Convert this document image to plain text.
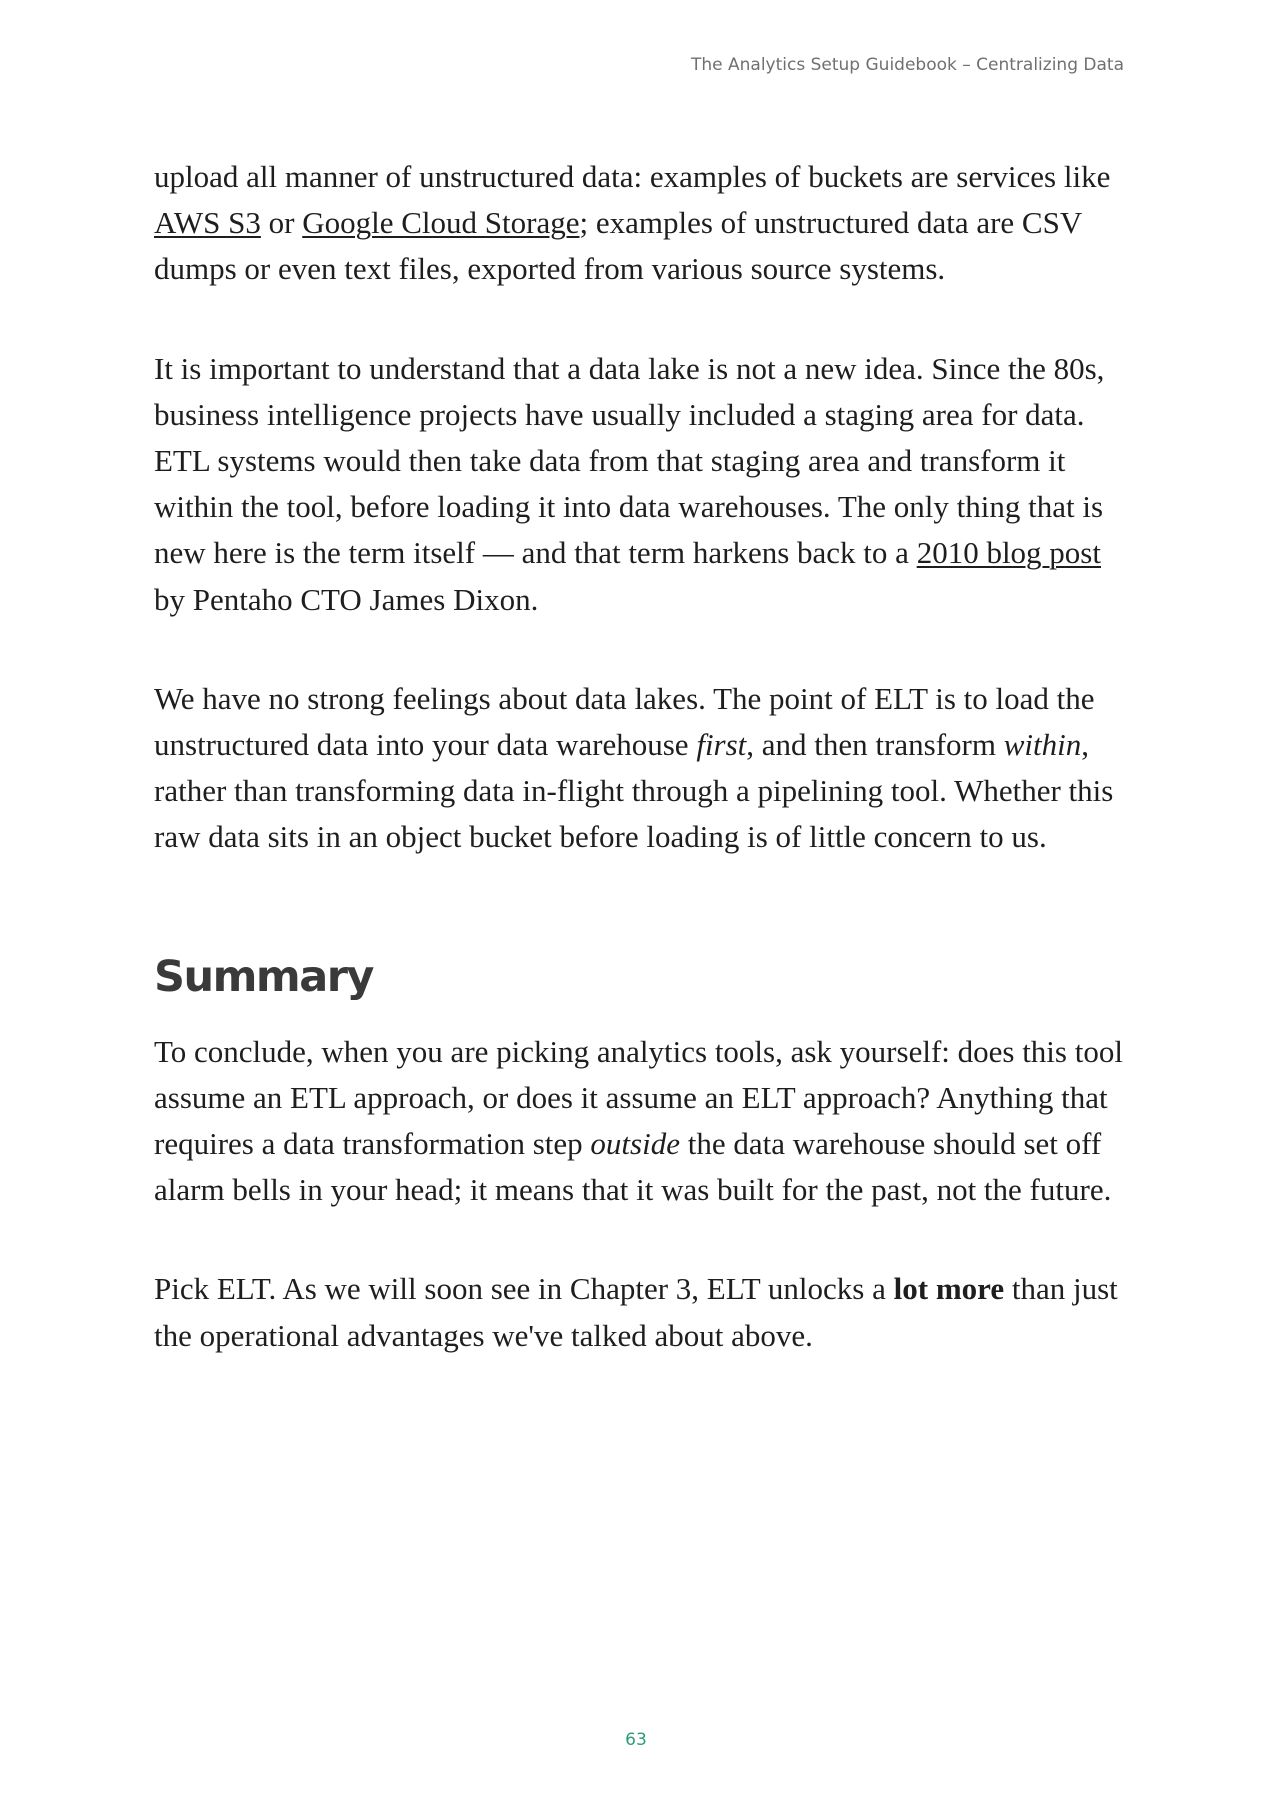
The Analytics Setup Guidebook – Centralizing Data

upload all manner of unstructured data: examples of buckets are services like AWS S3 or Google Cloud Storage; examples of unstructured data are CSV dumps or even text files, exported from various source systems.

It is important to understand that a data lake is not a new idea. Since the 80s, business intelligence projects have usually included a staging area for data. ETL systems would then take data from that staging area and transform it within the tool, before loading it into data warehouses. The only thing that is new here is the term itself — and that term harkens back to a 2010 blog post by Pentaho CTO James Dixon.

We have no strong feelings about data lakes. The point of ELT is to load the unstructured data into your data warehouse first, and then transform within, rather than transforming data in-flight through a pipelining tool. Whether this raw data sits in an object bucket before loading is of little concern to us.

Summary

To conclude, when you are picking analytics tools, ask yourself: does this tool assume an ETL approach, or does it assume an ELT approach? Anything that requires a data transformation step outside the data warehouse should set off alarm bells in your head; it means that it was built for the past, not the future.

Pick ELT. As we will soon see in Chapter 3, ELT unlocks a lot more than just the operational advantages we've talked about above.

63
